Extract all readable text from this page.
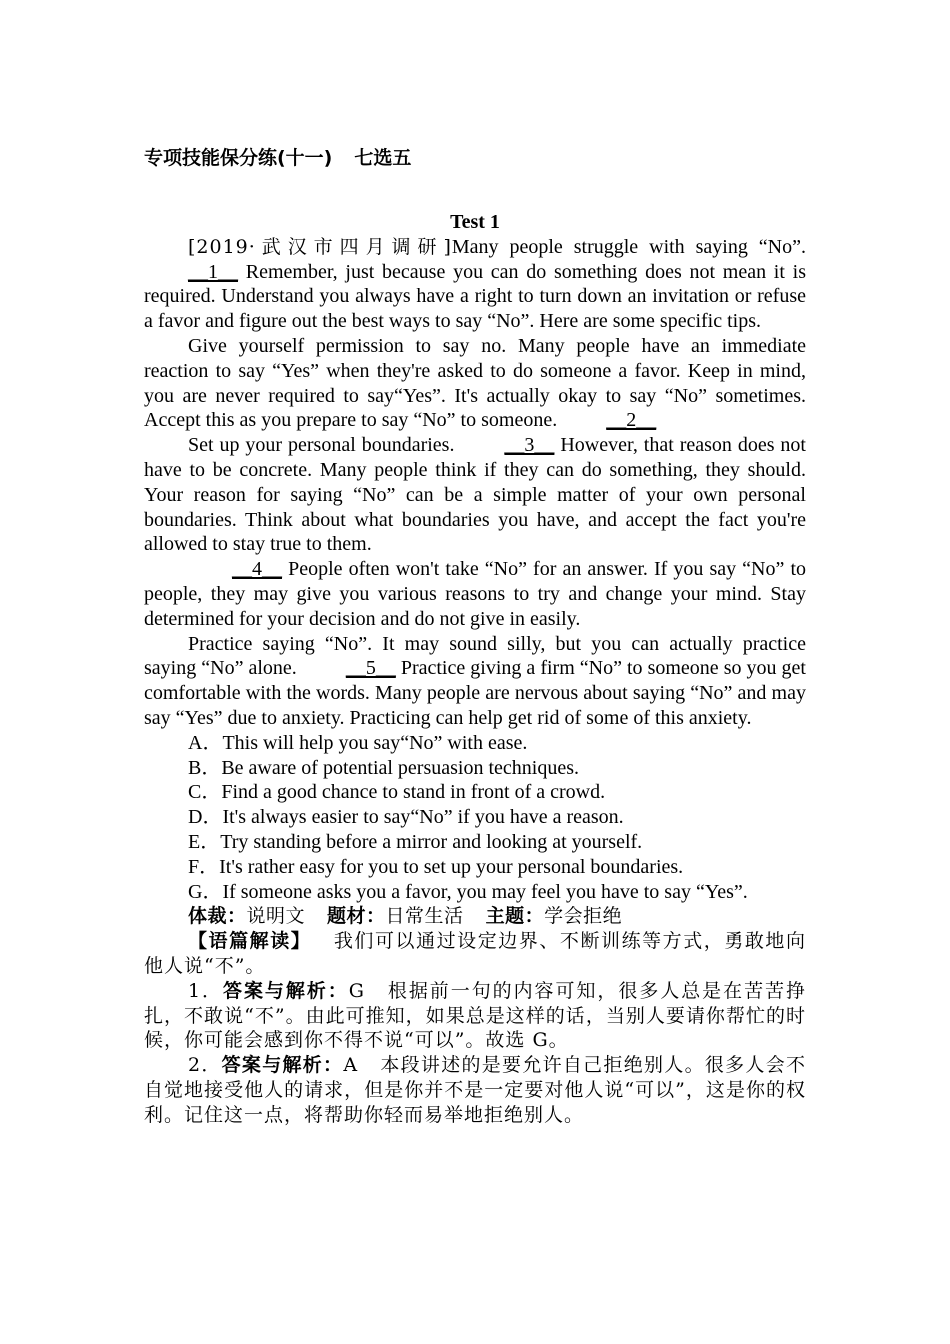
专项技能保分练(十一) 七选五
Test 1

[2019·武汉市四月调研]Many people struggle with saying “No”. __1__ Remember, just because you can do something does not mean it is required. Understand you always have a right to turn down an invitation or refuse a favor and figure out the best ways to say “No”. Here are some specific tips.

Give yourself permission to say no. Many people have an immediate reaction to say “Yes” when they're asked to do someone a favor. Keep in mind, you are never required to say“Yes”. It's actually okay to say “No” sometimes. Accept this as you prepare to say “No” to someone. __2__

Set up your personal boundaries. __3__ However, that reason does not have to be concrete. Many people think if they can do something, they should. Your reason for saying “No” can be a simple matter of your own personal boundaries. Think about what boundaries you have, and accept the fact you're allowed to stay true to them.

__4__ People often won't take “No” for an answer. If you say “No” to people, they may give you various reasons to try and change your mind. Stay determined for your decision and do not give in easily.

Practice saying “No”. It may sound silly, but you can actually practice saying “No” alone. __5__ Practice giving a firm “No” to someone so you get comfortable with the words. Many people are nervous about saying “No” and may say “Yes” due to anxiety. Practicing can help get rid of some of this anxiety.

A．This will help you say“No” with ease.

B．Be aware of potential persuasion techniques.

C．Find a good chance to stand in front of a crowd.

D．It's always easier to say“No” if you have a reason.

E．Try standing before a mirror and looking at yourself.

F．It's rather easy for you to set up your personal boundaries.

G．If someone asks you a favor, you may feel you have to say “Yes”.

体裁：说明文 题材：日常生活 主题：学会拒绝

【语篇解读】 我们可以通过设定边界、不断训练等方式，勇敢地向他人说“不”。

1．答案与解析：G 根据前一句的内容可知，很多人总是在苦苦挣扎，不敢说“不”。由此可推知，如果总是这样的话，当别人要请你帮忙的时候，你可能会感到你不得不说“可以”。故选 G。

2．答案与解析：A 本段讲述的是要允许自己拒绝别人。很多人会不自觉地接受他人的请求，但是你并不是一定要对他人说“可以”，这是你的权利。记住这一点，将帮助你轻而易举地拒绝别人。
